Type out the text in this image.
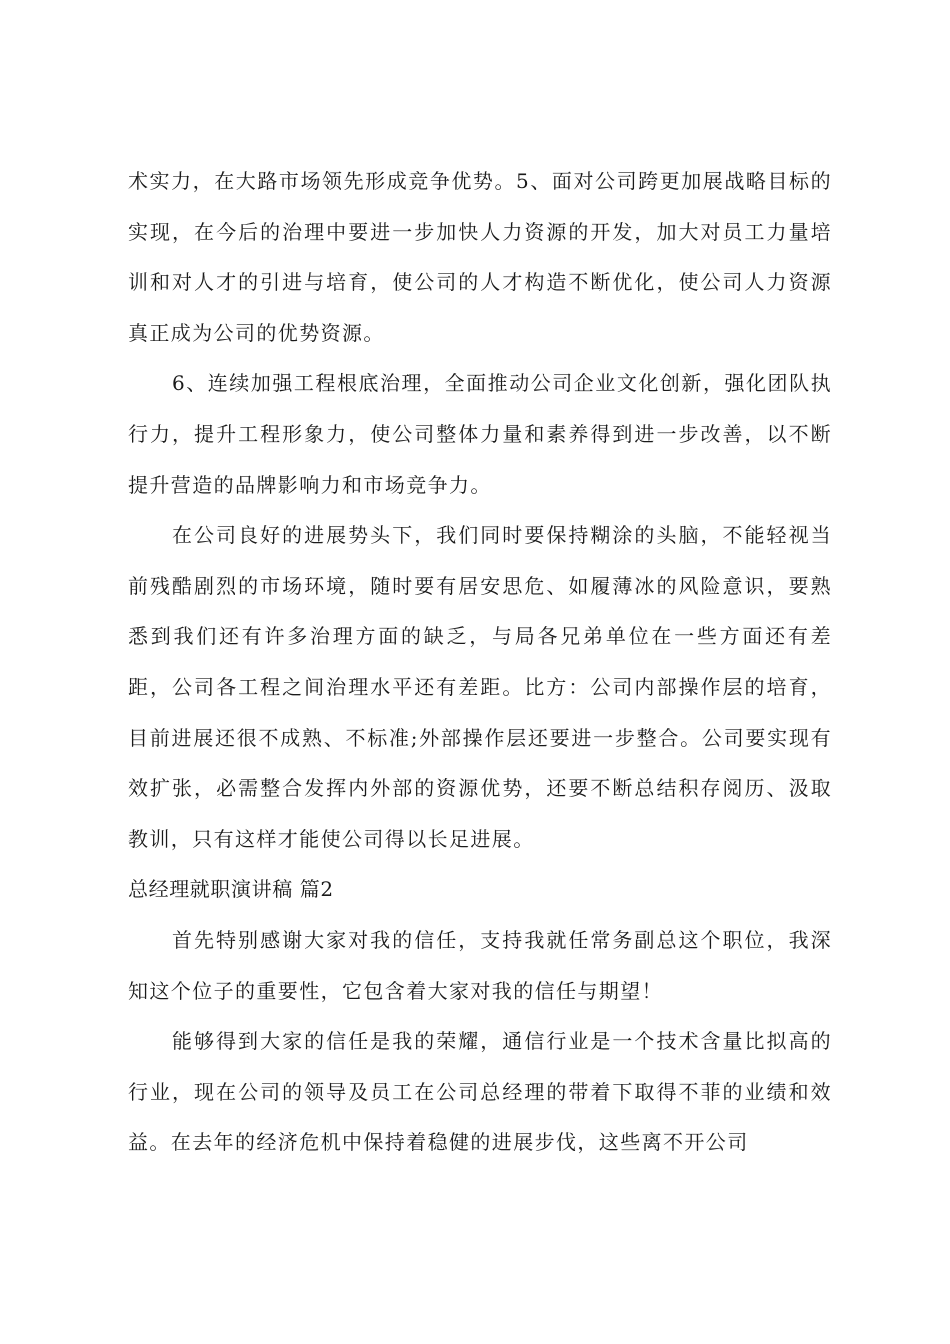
术实力，在大路市场领先形成竞争优势。5、面对公司跨更加展战略目标的实现，在今后的治理中要进一步加快人力资源的开发，加大对员工力量培训和对人才的引进与培育，使公司的人才构造不断优化，使公司人力资源真正成为公司的优势资源。

6、连续加强工程根底治理，全面推动公司企业文化创新，强化团队执行力，提升工程形象力，使公司整体力量和素养得到进一步改善，以不断提升营造的品牌影响力和市场竞争力。

在公司良好的进展势头下，我们同时要保持糊涂的头脑，不能轻视当前残酷剧烈的市场环境，随时要有居安思危、如履薄冰的风险意识，要熟悉到我们还有许多治理方面的缺乏，与局各兄弟单位在一些方面还有差距，公司各工程之间治理水平还有差距。比方：公司内部操作层的培育，目前进展还很不成熟、不标准;外部操作层还要进一步整合。公司要实现有效扩张，必需整合发挥内外部的资源优势，还要不断总结积存阅历、汲取教训，只有这样才能使公司得以长足进展。

总经理就职演讲稿 篇2

首先特别感谢大家对我的信任，支持我就任常务副总这个职位，我深知这个位子的重要性，它包含着大家对我的信任与期望！

能够得到大家的信任是我的荣耀，通信行业是一个技术含量比拟高的行业，现在公司的领导及员工在公司总经理的带着下取得不菲的业绩和效益。在去年的经济危机中保持着稳健的进展步伐，这些离不开公司
